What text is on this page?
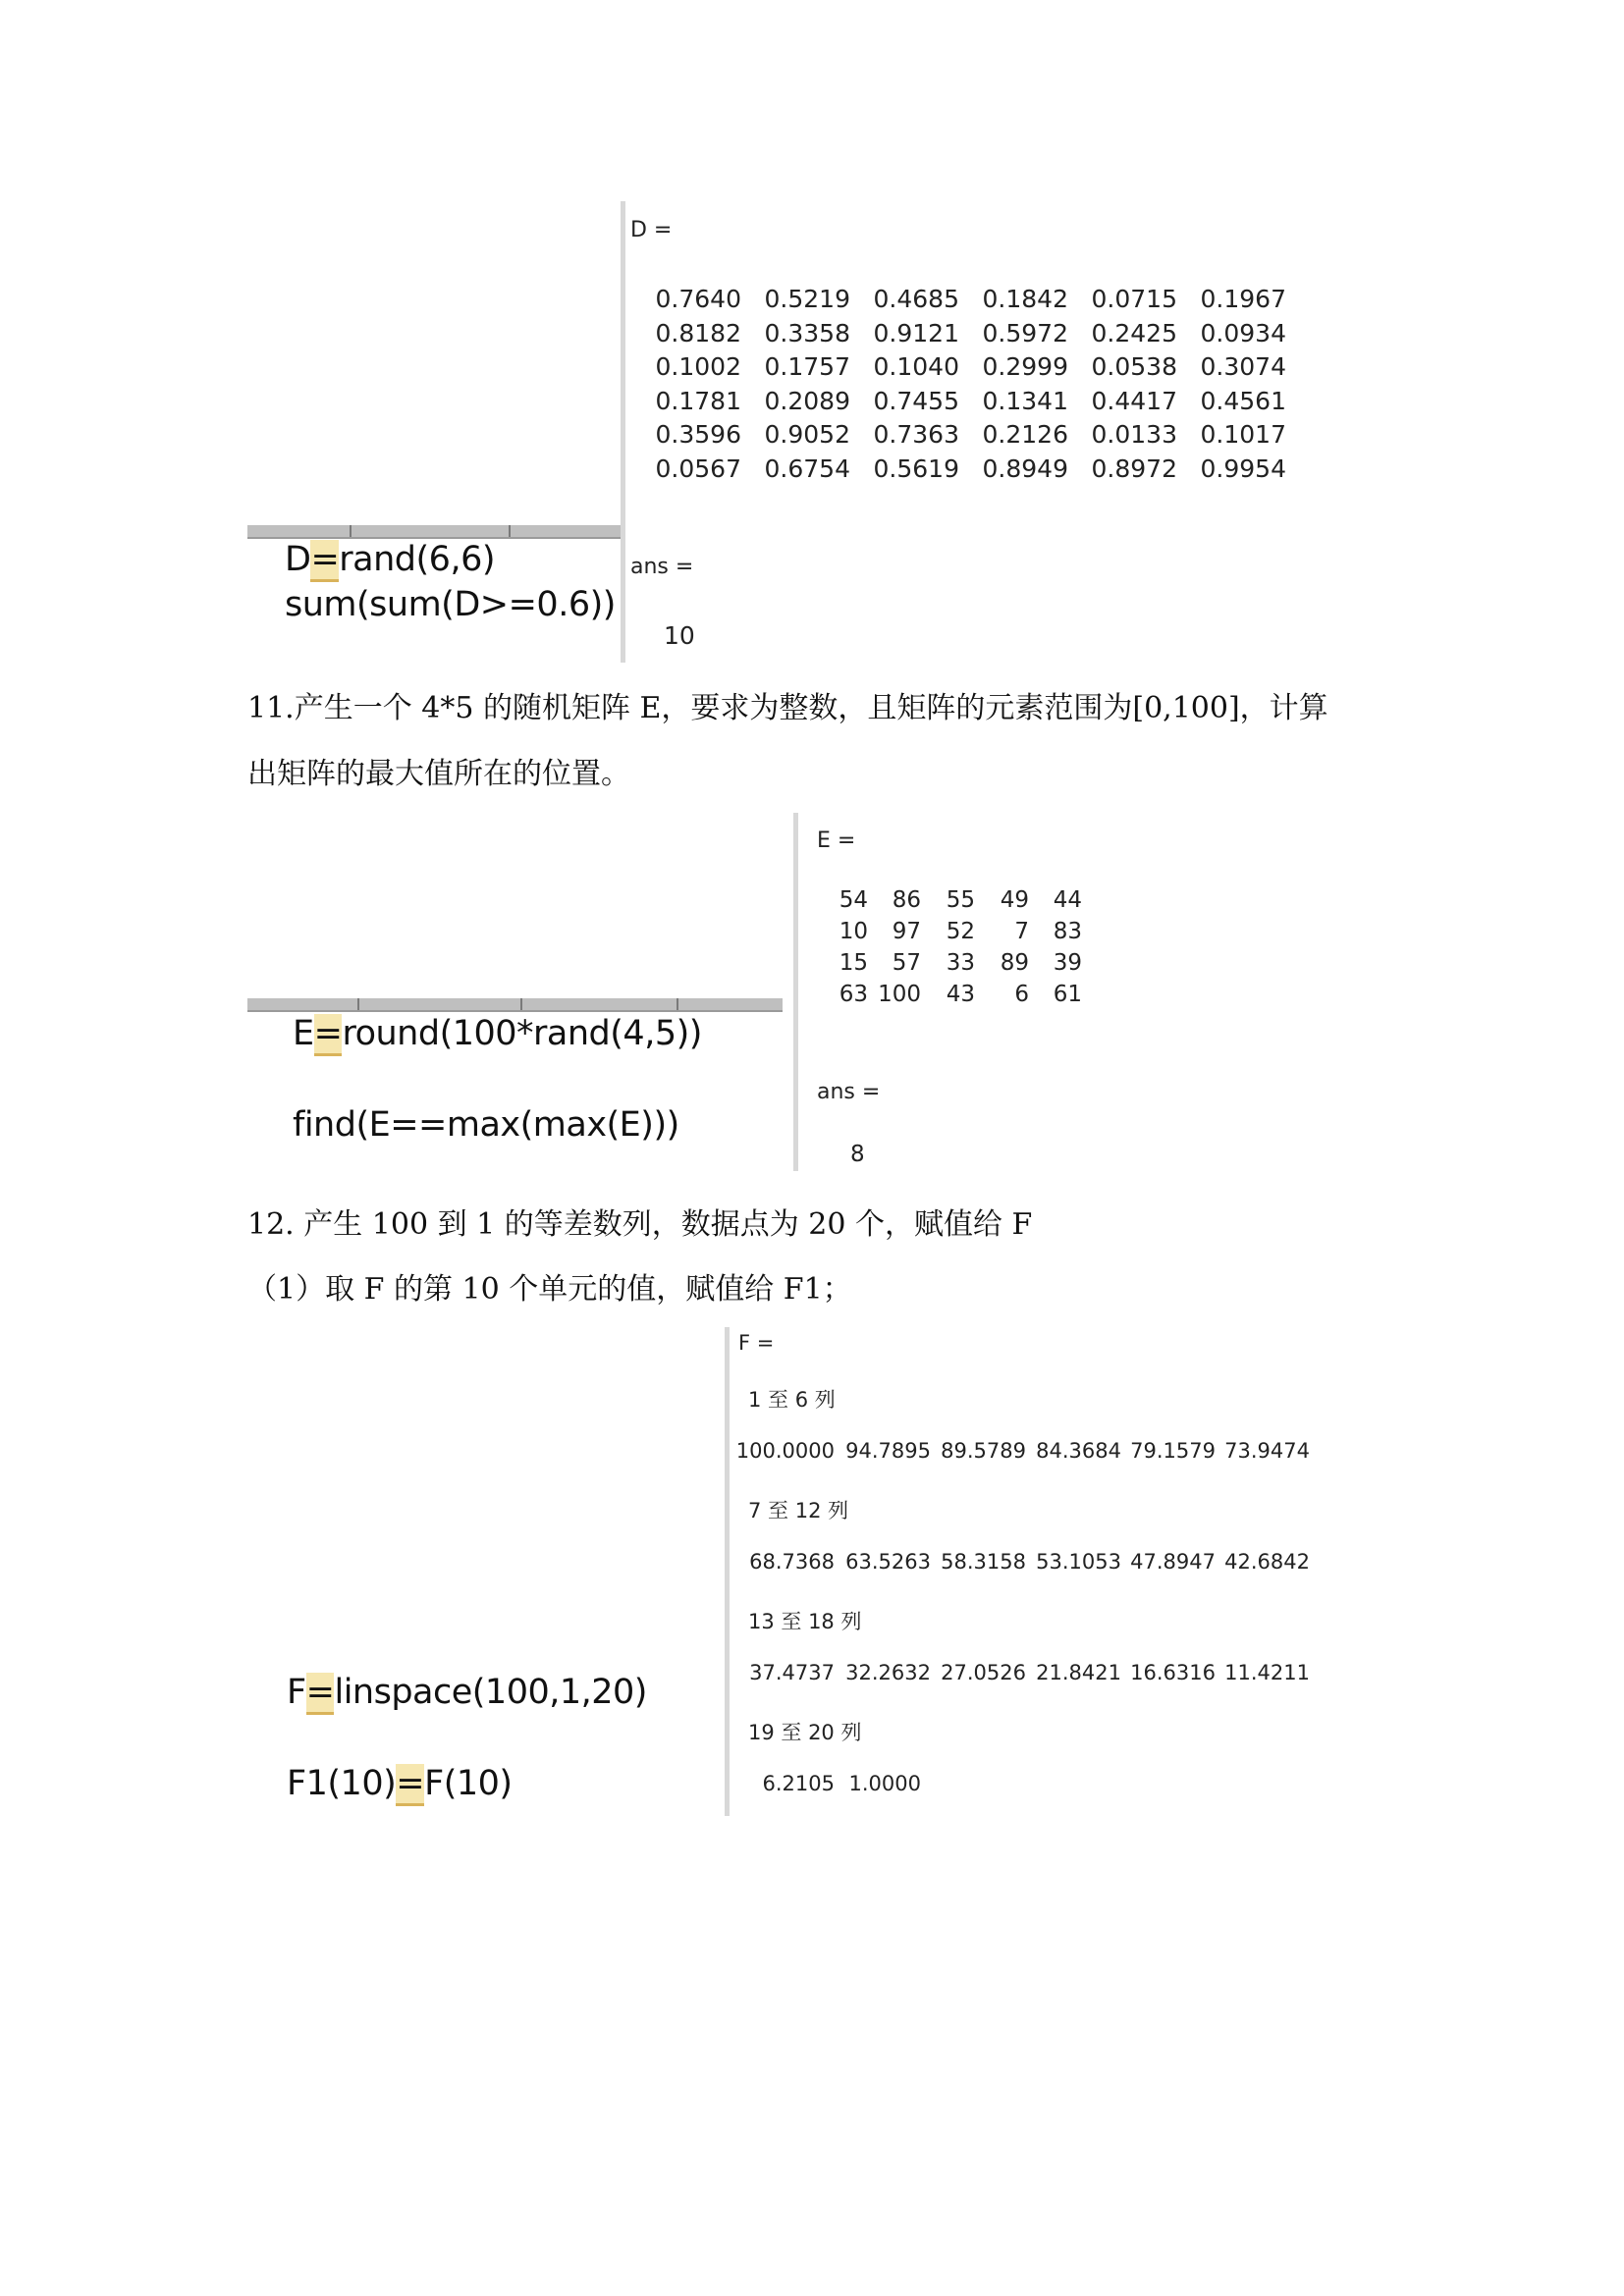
D =
0.7640 0.5219 0.4685 0.1842 0.0715 0.1967
0.8182 0.3358 0.9121 0.5972 0.2425 0.0934
0.1002 0.1757 0.1040 0.2999 0.0538 0.3074
0.1781 0.2089 0.7455 0.1341 0.4417 0.4561
0.3596 0.9052 0.7363 0.2126 0.0133 0.1017
0.0567 0.6754 0.5619 0.8949 0.8972 0.9954
ans =
10
D=rand(6,6)
sum(sum(D>=0.6))
11.产生一个 4*5 的随机矩阵 E，要求为整数，且矩阵的元素范围为[0,100]，计算
出矩阵的最大值所在的位置。
E =
54 86 55 49 44
10 97 52 7 83
15 57 33 89 39
63 100 43 6 61
ans =
8
E=round(100*rand(4,5))
find(E==max(max(E)))
12. 产生 100 到 1 的等差数列，数据点为 20 个，赋值给 F
（1）取 F 的第 10 个单元的值，赋值给 F1；
F =
1 至 6 列
100.0000 94.7895 89.5789 84.3684 79.1579 73.9474
7 至 12 列
68.7368 63.5263 58.3158 53.1053 47.8947 42.6842
13 至 18 列
37.4737 32.2632 27.0526 21.8421 16.6316 11.4211
19 至 20 列
6.2105 1.0000
F=linspace(100,1,20)
F1(10)=F(10)
